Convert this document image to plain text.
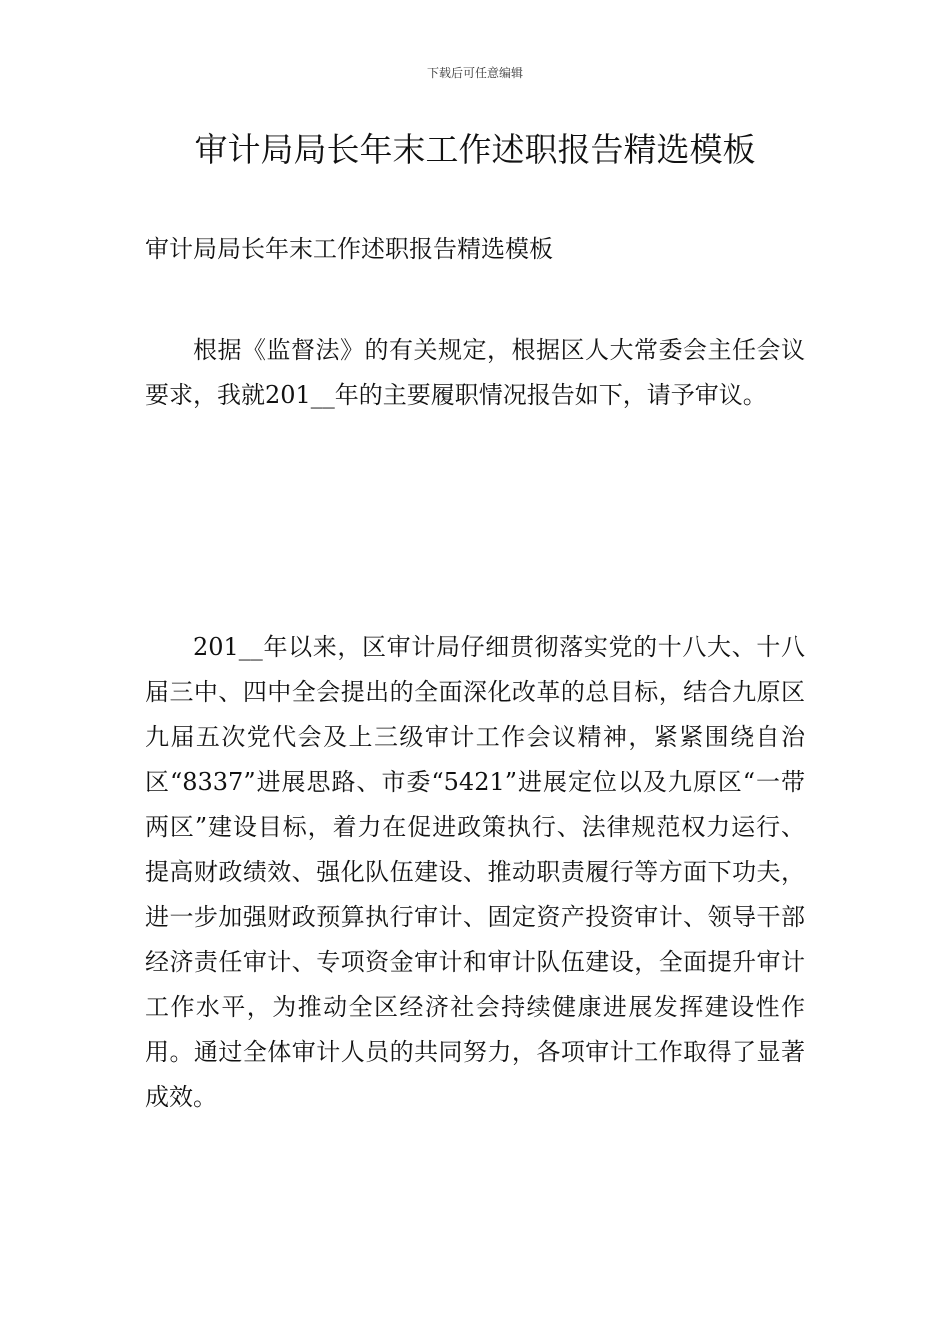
下载后可任意编辑
审计局局长年末工作述职报告精选模板

审计局局长年末工作述职报告精选模板

根据《监督法》的有关规定，根据区人大常委会主任会议要求，我就201__年的主要履职情况报告如下，请予审议。

201__年以来，区审计局仔细贯彻落实党的十八大、十八届三中、四中全会提出的全面深化改革的总目标，结合九原区九届五次党代会及上三级审计工作会议精神，紧紧围绕自治区“8337”进展思路、市委“5421”进展定位以及九原区“一带两区”建设目标，着力在促进政策执行、法律规范权力运行、提高财政绩效、强化队伍建设、推动职责履行等方面下功夫，进一步加强财政预算执行审计、固定资产投资审计、领导干部经济责任审计、专项资金审计和审计队伍建设，全面提升审计工作水平，为推动全区经济社会持续健康进展发挥建设性作用。通过全体审计人员的共同努力，各项审计工作取得了显著成效。
